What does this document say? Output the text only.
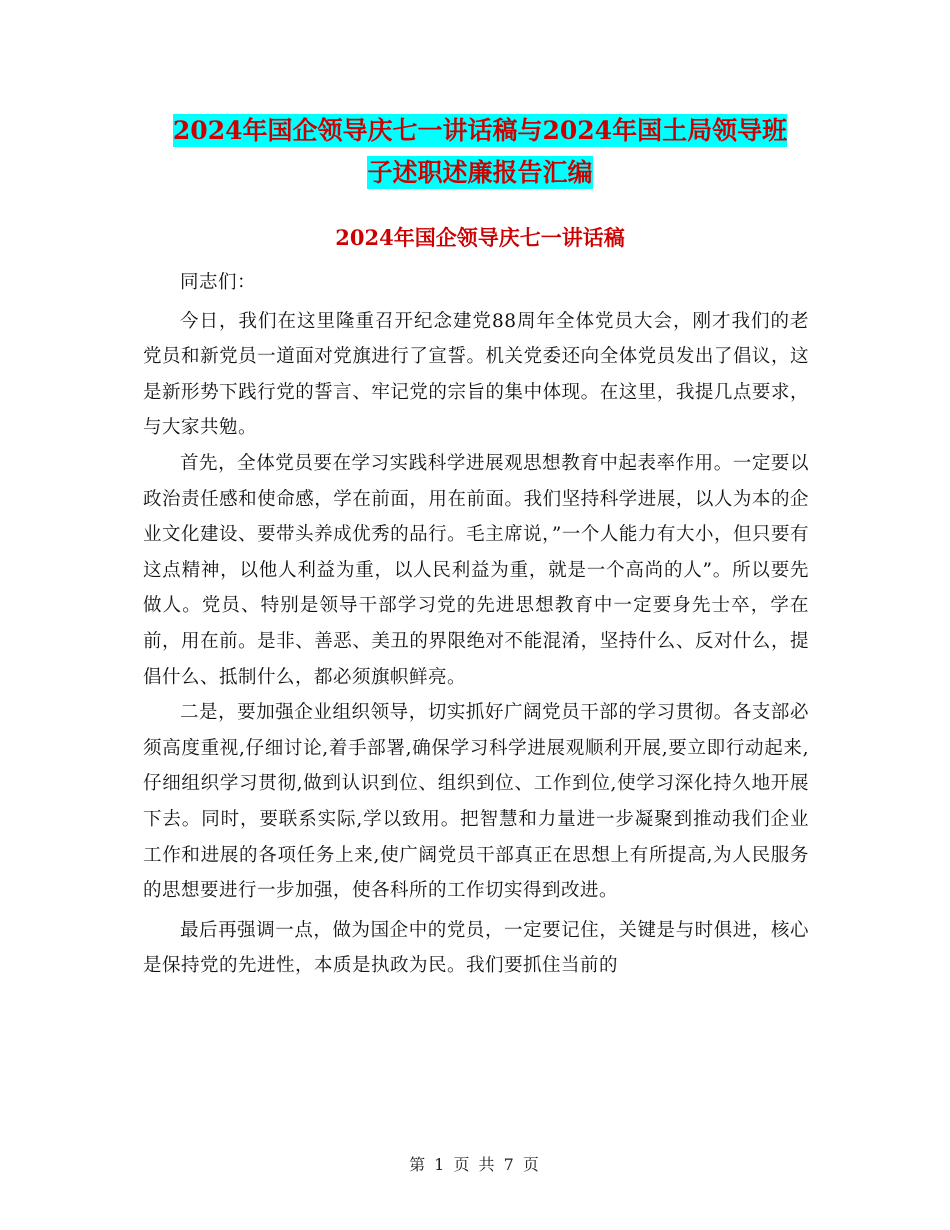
2024年国企领导庆七一讲话稿与2024年国土局领导班
子述职述廉报告汇编
2024年国企领导庆七一讲话稿

同志们：

今日，我们在这里隆重召开纪念建党88周年全体党员大会，刚才我们的老党员和新党员一道面对党旗进行了宣誓。机关党委还向全体党员发出了倡议，这是新形势下践行党的誓言、牢记党的宗旨的集中体现。在这里，我提几点要求，与大家共勉。

首先，全体党员要在学习实践科学进展观思想教育中起表率作用。一定要以政治责任感和使命感，学在前面，用在前面。我们坚持科学进展，以人为本的企业文化建设、要带头养成优秀的品行。毛主席说，”一个人能力有大小，但只要有这点精神，以他人利益为重，以人民利益为重，就是一个高尚的人”。所以要先做人。党员、特别是领导干部学习党的先进思想教育中一定要身先士卒，学在前，用在前。是非、善恶、美丑的界限绝对不能混淆，坚持什么、反对什么，提倡什么、抵制什么，都必须旗帜鲜亮。

二是，要加强企业组织领导，切实抓好广阔党员干部的学习贯彻。各支部必须高度重视,仔细讨论,着手部署,确保学习科学进展观顺利开展,要立即行动起来,仔细组织学习贯彻,做到认识到位、组织到位、工作到位,使学习深化持久地开展下去。同时，要联系实际,学以致用。把智慧和力量进一步凝聚到推动我们企业工作和进展的各项任务上来,使广阔党员干部真正在思想上有所提高,为人民服务的思想要进行一步加强，使各科所的工作切实得到改进。

最后再强调一点，做为国企中的党员，一定要记住，关键是与时俱进，核心是保持党的先进性，本质是执政为民。我们要抓住当前的

第 1 页 共 7 页
